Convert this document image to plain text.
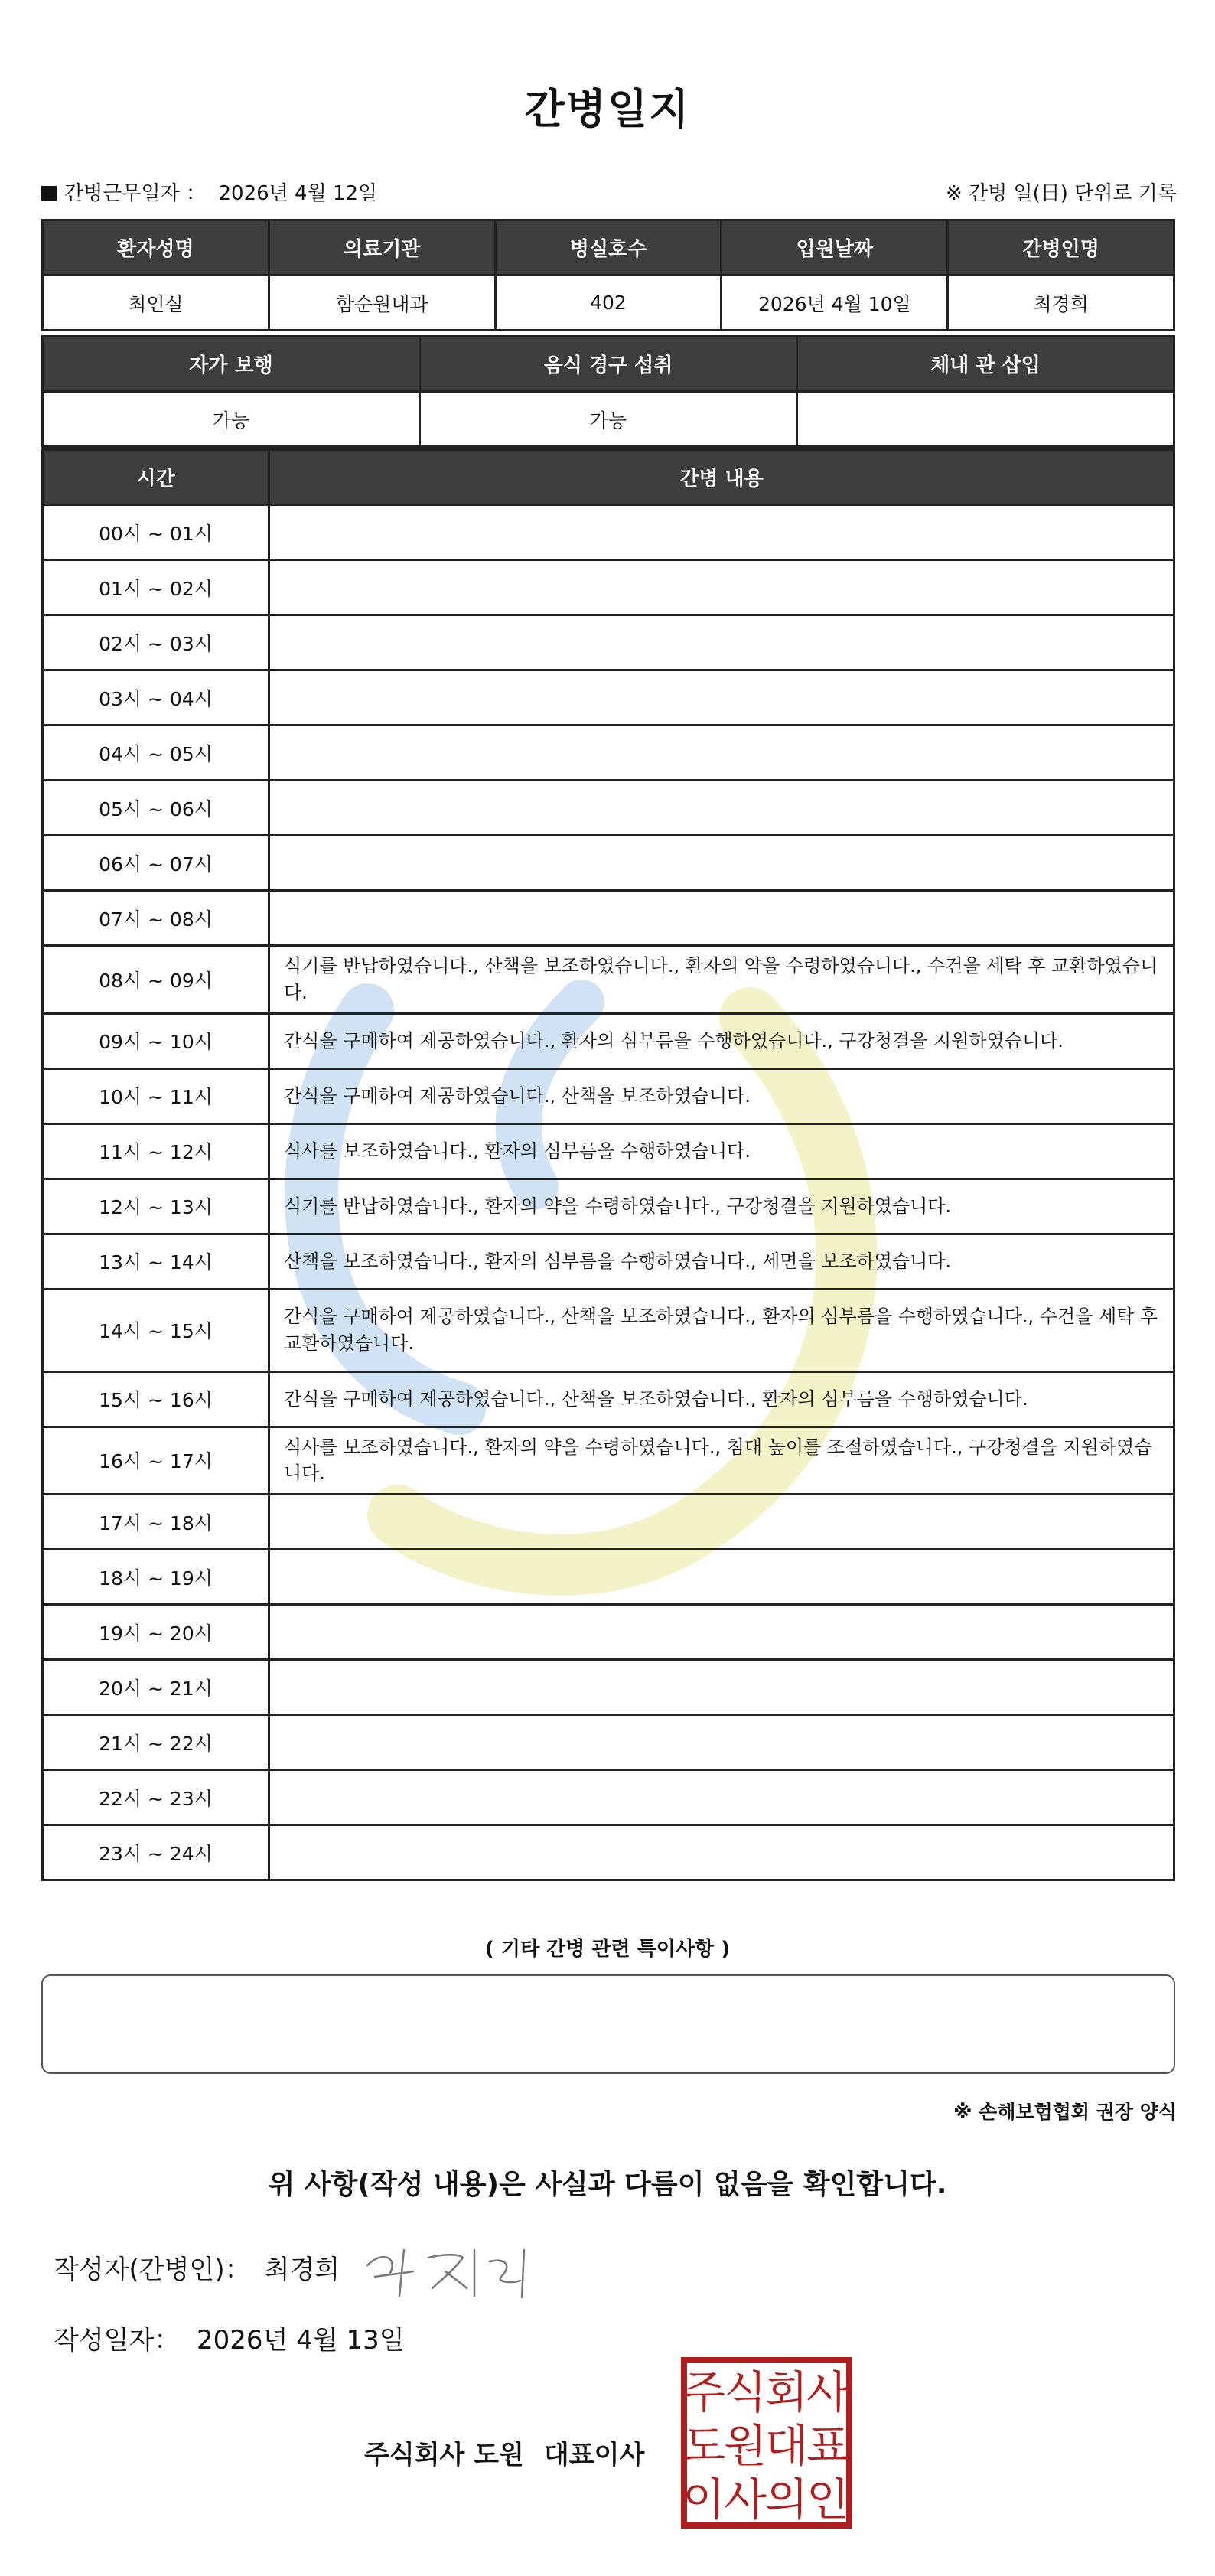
간병일지
간병근무일자 ： 2026년 4월 12일	※ 간병 일(日) 단위로 기록
환자성명	의료기관	병실호수	입원날짜	간병인명
최인실	함순원내과	402	2026년 4월 10일	최경희
자가 보행	음식 경구 섭취	체내 관 삽입
가능	가능	
시간	간병 내용
00시 ~ 01시	
01시 ~ 02시	
02시 ~ 03시	
03시 ~ 04시	
04시 ~ 05시	
05시 ~ 06시	
06시 ~ 07시	
07시 ~ 08시	
08시 ~ 09시	식기를 반납하였습니다., 산책을 보조하였습니다., 환자의 약을 수령하였습니다., 수건을 세탁 후 교환하였습니다.
09시 ~ 10시	간식을 구매하여 제공하였습니다., 환자의 심부름을 수행하였습니다., 구강청결을 지원하였습니다.
10시 ~ 11시	간식을 구매하여 제공하였습니다., 산책을 보조하였습니다.
11시 ~ 12시	식사를 보조하였습니다., 환자의 심부름을 수행하였습니다.
12시 ~ 13시	식기를 반납하였습니다., 환자의 약을 수령하였습니다., 구강청결을 지원하였습니다.
13시 ~ 14시	산책을 보조하였습니다., 환자의 심부름을 수행하였습니다., 세면을 보조하였습니다.
14시 ~ 15시	간식을 구매하여 제공하였습니다., 산책을 보조하였습니다., 환자의 심부름을 수행하였습니다., 수건을 세탁 후 교환하였습니다.
15시 ~ 16시	간식을 구매하여 제공하였습니다., 산책을 보조하였습니다., 환자의 심부름을 수행하였습니다.
16시 ~ 17시	식사를 보조하였습니다., 환자의 약을 수령하였습니다., 침대 높이를 조절하였습니다., 구강청결을 지원하였습니다.
17시 ~ 18시	
18시 ~ 19시	
19시 ~ 20시	
20시 ~ 21시	
21시 ~ 22시	
22시 ~ 23시	
23시 ~ 24시	
( 기타 간병 관련 특이사항 )
※ 손해보험협회 권장 양식
위 사항(작성 내용)은 사실과 다름이 없음을 확인합니다.
작성자(간병인)： 최경희
작성일자： 2026년 4월 13일
주식회사 도원 대표이사
주
식
회
사
도
원
대
표
이
사
의
인
